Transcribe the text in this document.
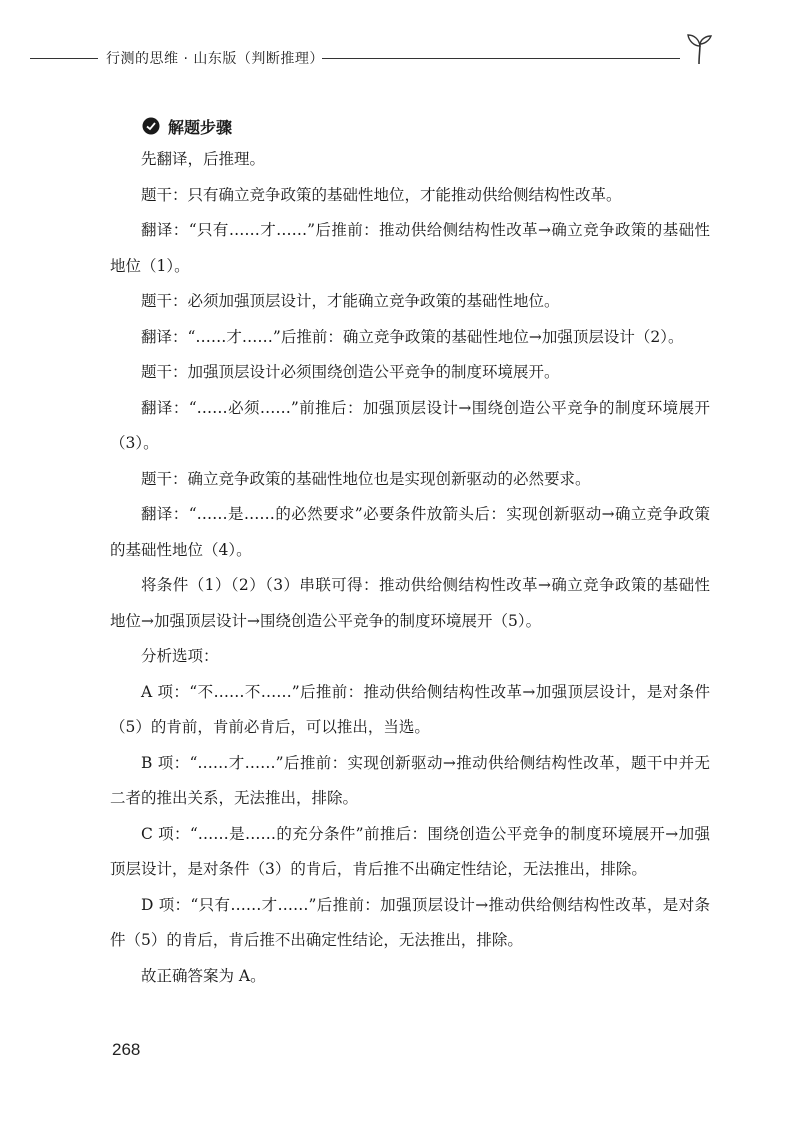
行测的思维 · 山东版（判断推理）
解题步骤

先翻译，后推理。

题干：只有确立竞争政策的基础性地位，才能推动供给侧结构性改革。

翻译：“只有……才……”后推前：推动供给侧结构性改革→确立竞争政策的基础性地位（1）。

题干：必须加强顶层设计，才能确立竞争政策的基础性地位。

翻译：“……才……”后推前：确立竞争政策的基础性地位→加强顶层设计（2）。

题干：加强顶层设计必须围绕创造公平竞争的制度环境展开。

翻译：“……必须……”前推后：加强顶层设计→围绕创造公平竞争的制度环境展开（3）。

题干：确立竞争政策的基础性地位也是实现创新驱动的必然要求。

翻译：“……是……的必然要求”必要条件放箭头后：实现创新驱动→确立竞争政策的基础性地位（4）。

将条件（1）（2）（3）串联可得：推动供给侧结构性改革→确立竞争政策的基础性地位→加强顶层设计→围绕创造公平竞争的制度环境展开（5）。

分析选项：

A 项：“不……不……”后推前：推动供给侧结构性改革→加强顶层设计，是对条件（5）的肯前，肯前必肯后，可以推出，当选。

B 项：“……才……”后推前：实现创新驱动→推动供给侧结构性改革，题干中并无二者的推出关系，无法推出，排除。

C 项：“……是……的充分条件”前推后：围绕创造公平竞争的制度环境展开→加强顶层设计，是对条件（3）的肯后，肯后推不出确定性结论，无法推出，排除。

D 项：“只有……才……”后推前：加强顶层设计→推动供给侧结构性改革，是对条件（5）的肯后，肯后推不出确定性结论，无法推出，排除。

故正确答案为 A。

268
